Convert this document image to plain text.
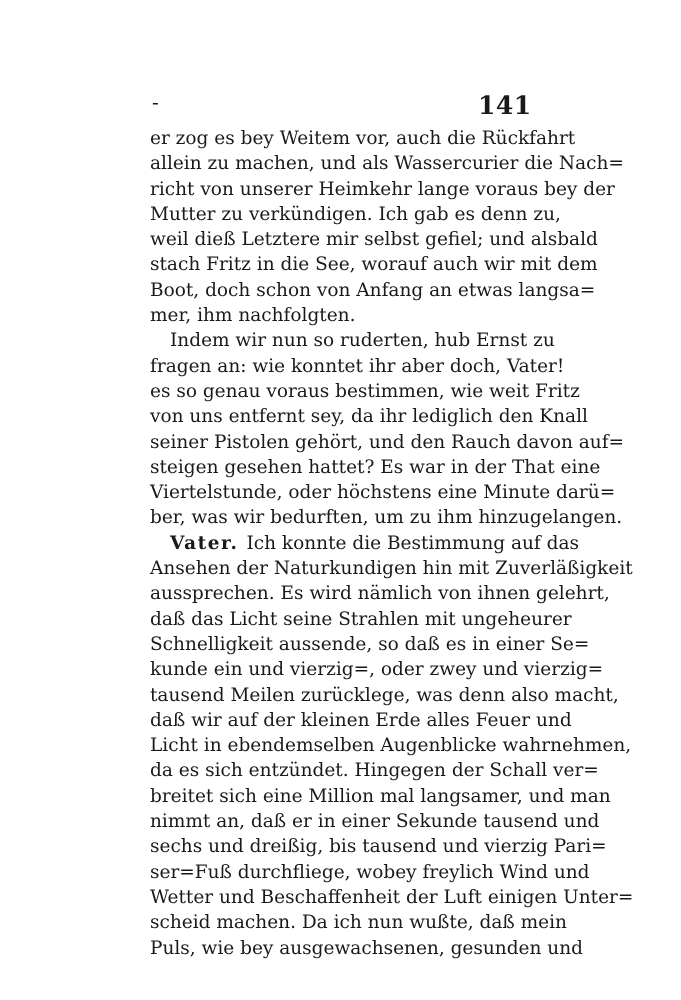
-	141
er zog es bey Weitem vor, auch die Rückfahrt
allein zu machen, und als Wassercurier die Nach=
richt von unserer Heimkehr lange voraus bey der
Mutter zu verkündigen. Ich gab es denn zu,
weil dieß Letztere mir selbst gefiel; und alsbald
stach Fritz in die See, worauf auch wir mit dem
Boot, doch schon von Anfang an etwas langsa=
mer, ihm nachfolgten.
Indem wir nun so ruderten, hub Ernst zu
fragen an: wie konntet ihr aber doch, Vater!
es so genau voraus bestimmen, wie weit Fritz
von uns entfernt sey, da ihr lediglich den Knall
seiner Pistolen gehört, und den Rauch davon auf=
steigen gesehen hattet? Es war in der That eine
Viertelstunde, oder höchstens eine Minute darü=
ber, was wir bedurften, um zu ihm hinzugelangen.
Vater. Ich konnte die Bestimmung auf das
Ansehen der Naturkundigen hin mit Zuverläßigkeit
aussprechen. Es wird nämlich von ihnen gelehrt,
daß das Licht seine Strahlen mit ungeheurer
Schnelligkeit aussende, so daß es in einer Se=
kunde ein und vierzig=, oder zwey und vierzig=
tausend Meilen zurücklege, was denn also macht,
daß wir auf der kleinen Erde alles Feuer und
Licht in ebendemselben Augenblicke wahrnehmen,
da es sich entzündet. Hingegen der Schall ver=
breitet sich eine Million mal langsamer, und man
nimmt an, daß er in einer Sekunde tausend und
sechs und dreißig, bis tausend und vierzig Pari=
ser=Fuß durchfliege, wobey freylich Wind und
Wetter und Beschaffenheit der Luft einigen Unter=
scheid machen. Da ich nun wußte, daß mein
Puls, wie bey ausgewachsenen, gesunden und
